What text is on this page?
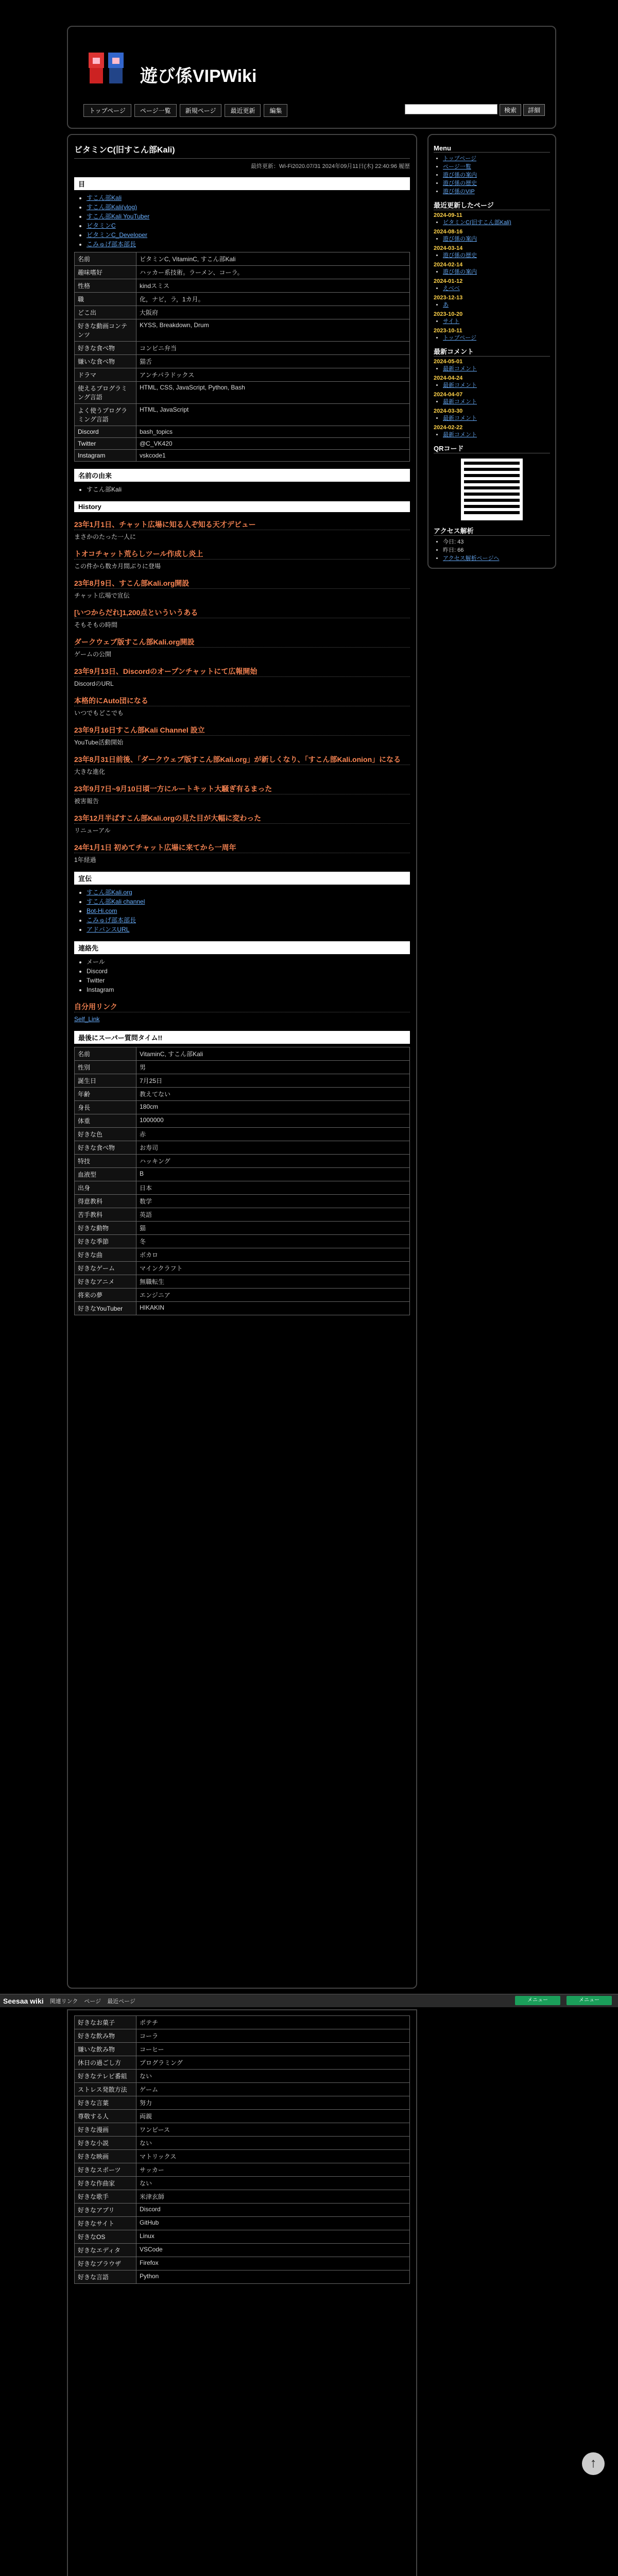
遊び係VIPWiki
トップページ	ページ一覧	新規ページ	最近更新	編集	検索	詳細
ビタミンC(旧すこん部Kali)
最終更新：Wi-Fi2020.07/31 2024年09月11日(木) 22:40:96 履歴
目
• すこん部Kali
• すこん部Kali(vlog)
• すこん部Kali YouTuber
• ビタミンC
• ビタミンC_Developer
• こみゅげ部本部長
名前	ビタミンC, VitaminC, すこん部Kali
趣味嗜好	ハッカー系技術。ラーメン、コーラ。
性格	kindスミス
職	化，ナビ，ラ，1カ月。
どこ出	大阪府
好きな動画コンテンツ	KYSS, Breakdown, Drum
好きな食べ物	コンビニ弁当
嫌いな食べ物	猫舌
ドラマ	アンチパラドックス
使えるプログラミング言語	HTML, CSS, JavaScript, Python, Bash
よく使うプログラミング言語	HTML, JavaScript
Discord	bash_topics
Twitter	@C_VK420
Instagram	vskcode1
名前の由来
• すこん部Kali
History
23年1月1日、チャット広場に知る人ぞ知る天才デビュー

まさかのたった一人に

トオコチャット荒らしツール作成し炎上

この件から数カ月間ぶりに登場

23年8月9日、すこん部Kali.org開設

チャット広場で宣伝

[いつからだれ]1,200点といういうある

そもそもの時間

ダークウェブ版すこん部Kali.org開設

ゲームの公開

23年9月13日、Discordのオープンチャットにて広報開始

DiscordのURL

本格的にAuto団になる

いつでもどこでも

23年9月16日すこん部Kali Channel 設立

YouTube活動開始

23年8月31日前後、「ダークウェブ版すこん部Kali.org」が新しくなり、「すこん部Kali.onion」になる

大きな進化

23年9月7日~9月10日頃一方にルートキット大騒ぎ有るまった

被害報告

23年12月半ばすこん部Kali.orgの見た目が大幅に変わった

リニューアル

24年1月1日 初めてチャット広場に来てから一周年

1年経過

宣伝
• すこん部Kali.org
• すこん部Kali channel
• Bot-Hi.com
• こみゅげ部本部長
• アドバンスURL
連絡先
• メール
• Discord
• Twitter
• Instagram
自分用リンク

Self_Link

最後にスーパー質問タイム!!
名前	VitaminC, すこん部Kali
性別	男
誕生日	7月25日
年齢	教えてない
身長	180cm
体重	1000000
好きな色	赤
好きな食べ物	お寿司
特技	ハッキング
血液型	B
出身	日本
得意教科	数学
苦手教科	英語
好きな動物	猫
好きな季節	冬
好きな曲	ボカロ
好きなゲーム	マインクラフト
好きなアニメ	無職転生
将来の夢	エンジニア
好きなYouTuber	HIKAKIN
Menu
• トップページ
• ページ一覧
• 遊び係の案内
• 遊び係の歴史
• 遊び係のVIP
最近更新したページ
2024-09-11
• ビタミンC(旧すこん部Kali)
2024-08-16
• 遊び係の案内
2024-03-14
• 遊び係の歴史
2024-02-14
• 遊び係の案内
2024-01-12
• えべべ
2023-12-13
• あ
2023-10-20
• サイト
2023-10-11
• トップページ
最新コメント
2024-05-01
• 最新コメント
2024-04-24
• 最新コメント
2024-04-07
• 最新コメント
2024-03-30
• 最新コメント
2024-02-22
• 最新コメント
QRコード
アクセス解析
• 今日: 43
• 昨日: 66
• アクセス解析ページへ
Seesaa wiki 関連リンク ページ 最近ページ	メニュー	メニュー
好きなお菓子	ポテチ
好きな飲み物	コーラ
嫌いな飲み物	コーヒー
休日の過ごし方	プログラミング
好きなテレビ番組	ない
ストレス発散方法	ゲーム
好きな言葉	努力
尊敬する人	両親
好きな漫画	ワンピース
好きな小説	ない
好きな映画	マトリックス
好きなスポーツ	サッカー
好きな作曲家	ない
好きな歌手	米津玄師
好きなアプリ	Discord
好きなサイト	GitHub
好きなOS	Linux
好きなエディタ	VSCode
好きなブラウザ	Firefox
好きな言語	Python
↑
